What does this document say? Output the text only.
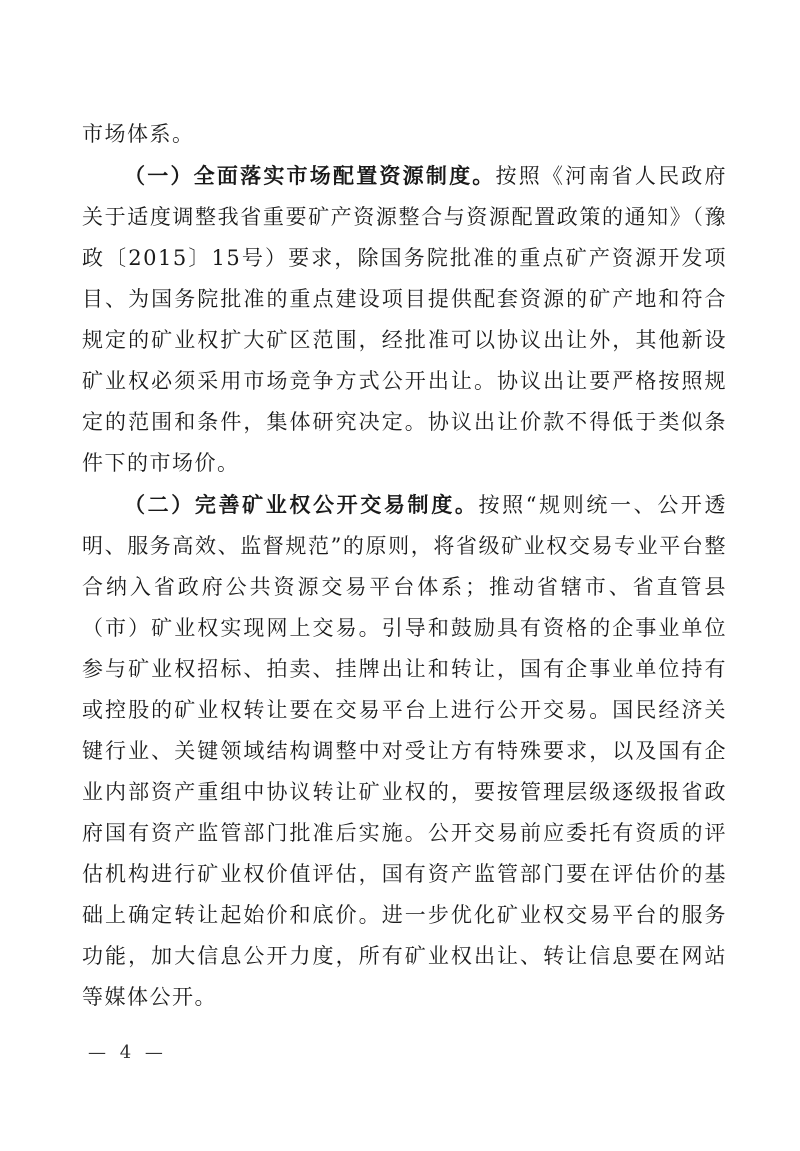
市场体系。

（一）全面落实市场配置资源制度。按照《河南省人民政府关于适度调整我省重要矿产资源整合与资源配置政策的通知》（豫政〔2015〕15号）要求，除国务院批准的重点矿产资源开发项目、为国务院批准的重点建设项目提供配套资源的矿产地和符合规定的矿业权扩大矿区范围，经批准可以协议出让外，其他新设矿业权必须采用市场竞争方式公开出让。协议出让要严格按照规定的范围和条件，集体研究决定。协议出让价款不得低于类似条件下的市场价。

（二）完善矿业权公开交易制度。按照“规则统一、公开透明、服务高效、监督规范”的原则，将省级矿业权交易专业平台整合纳入省政府公共资源交易平台体系；推动省辖市、省直管县（市）矿业权实现网上交易。引导和鼓励具有资格的企事业单位参与矿业权招标、拍卖、挂牌出让和转让，国有企事业单位持有或控股的矿业权转让要在交易平台上进行公开交易。国民经济关键行业、关键领域结构调整中对受让方有特殊要求，以及国有企业内部资产重组中协议转让矿业权的，要按管理层级逐级报省政府国有资产监管部门批准后实施。公开交易前应委托有资质的评估机构进行矿业权价值评估，国有资产监管部门要在评估价的基础上确定转让起始价和底价。进一步优化矿业权交易平台的服务功能，加大信息公开力度，所有矿业权出让、转让信息要在网站等媒体公开。

— 4 —
